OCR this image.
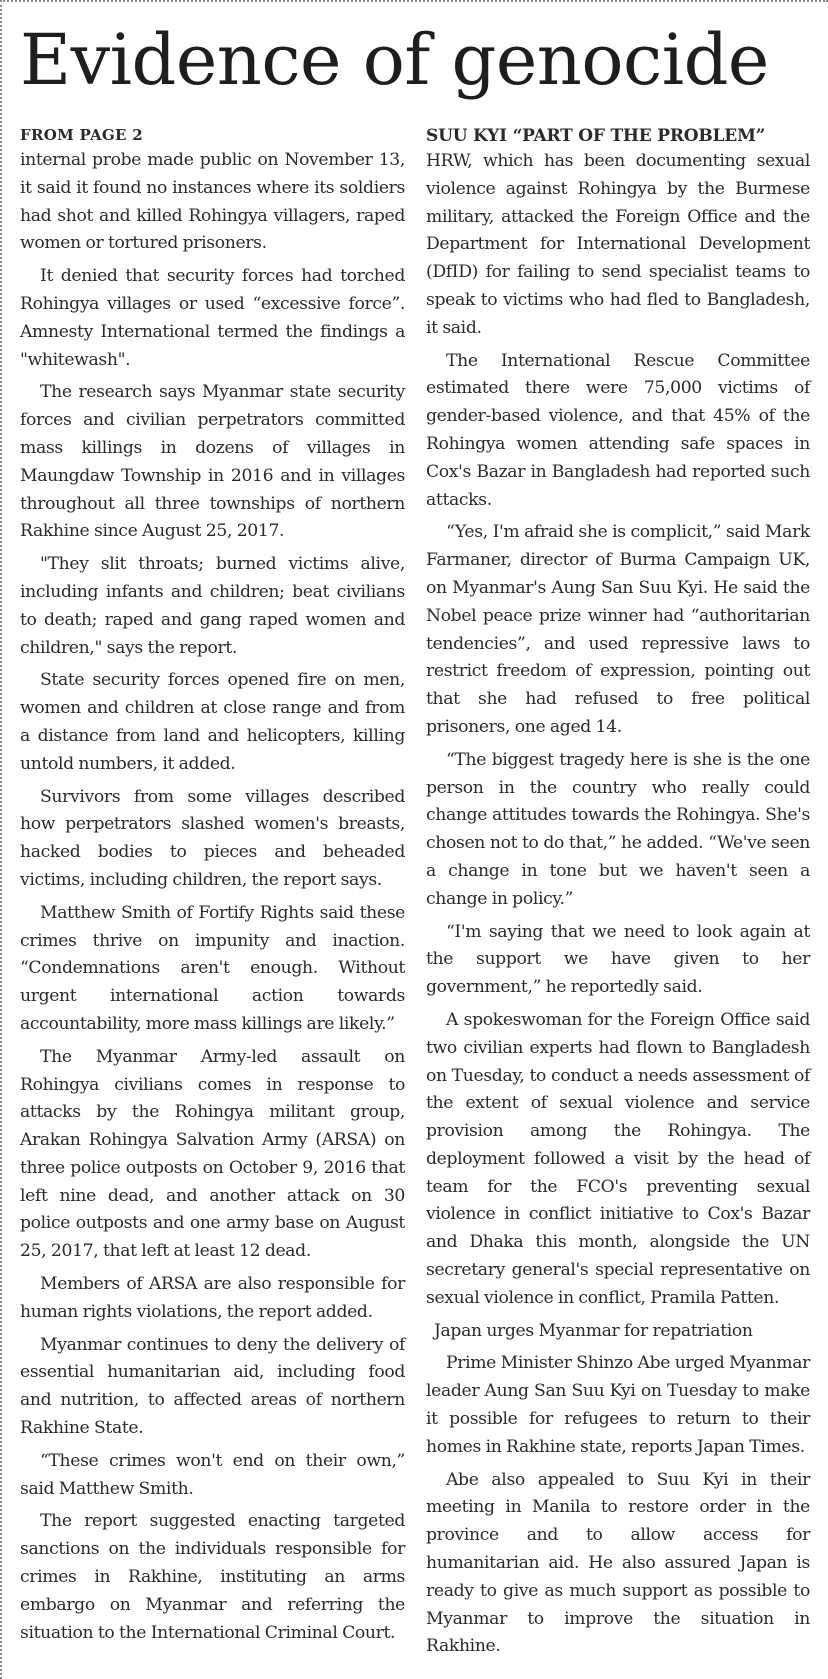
Evidence of genocide
FROM PAGE 2

internal probe made public on November 13, it said it found no instances where its soldiers had shot and killed Rohingya villagers, raped women or tortured prisoners.

It denied that security forces had torched Rohingya villages or used “excessive force”. Amnesty International termed the findings a "whitewash".

The research says Myanmar state security forces and civilian perpetrators committed mass killings in dozens of villages in Maungdaw Township in 2016 and in villages throughout all three townships of northern Rakhine since August 25, 2017.

"They slit throats; burned victims alive, including infants and children; beat civilians to death; raped and gang raped women and children," says the report.

State security forces opened fire on men, women and children at close range and from a distance from land and helicopters, killing untold numbers, it added.

Survivors from some villages described how perpetrators slashed women's breasts, hacked bodies to pieces and beheaded victims, including children, the report says.

Matthew Smith of Fortify Rights said these crimes thrive on impunity and inaction. “Condemnations aren't enough. Without urgent international action towards accountability, more mass killings are likely.”

The Myanmar Army-led assault on Rohingya civilians comes in response to attacks by the Rohingya militant group, Arakan Rohingya Salvation Army (ARSA) on three police outposts on October 9, 2016 that left nine dead, and another attack on 30 police outposts and one army base on August 25, 2017, that left at least 12 dead.

Members of ARSA are also responsible for human rights violations, the report added.

Myanmar continues to deny the delivery of essential humanitarian aid, including food and nutrition, to affected areas of northern Rakhine State.

“These crimes won't end on their own,” said Matthew Smith.

The report suggested enacting targeted sanctions on the individuals responsible for crimes in Rakhine, instituting an arms embargo on Myanmar and referring the situation to the International Criminal Court.

SUU KYI “PART OF THE PROBLEM”

HRW, which has been documenting sexual violence against Rohingya by the Burmese military, attacked the Foreign Office and the Department for International Development (DfID) for failing to send specialist teams to speak to victims who had fled to Bangladesh, it said.

The International Rescue Committee estimated there were 75,000 victims of gender-based violence, and that 45% of the Rohingya women attending safe spaces in Cox's Bazar in Bangladesh had reported such attacks.

“Yes, I'm afraid she is complicit,” said Mark Farmaner, director of Burma Campaign UK, on Myanmar's Aung San Suu Kyi. He said the Nobel peace prize winner had “authoritarian tendencies”, and used repressive laws to restrict freedom of expression, pointing out that she had refused to free political prisoners, one aged 14.

“The biggest tragedy here is she is the one person in the country who really could change attitudes towards the Rohingya. She's chosen not to do that,” he added. “We've seen a change in tone but we haven't seen a change in policy.”

“I'm saying that we need to look again at the support we have given to her government,” he reportedly said.

A spokeswoman for the Foreign Office said two civilian experts had flown to Bangladesh on Tuesday, to conduct a needs assessment of the extent of sexual violence and service provision among the Rohingya. The deployment followed a visit by the head of team for the FCO's preventing sexual violence in conflict initiative to Cox's Bazar and Dhaka this month, alongside the UN secretary general's special representative on sexual violence in conflict, Pramila Patten.

Japan urges Myanmar for repatriation

Prime Minister Shinzo Abe urged Myanmar leader Aung San Suu Kyi on Tuesday to make it possible for refugees to return to their homes in Rakhine state, reports Japan Times.

Abe also appealed to Suu Kyi in their meeting in Manila to restore order in the province and to allow access for humanitarian aid. He also assured Japan is ready to give as much support as possible to Myanmar to improve the situation in Rakhine.
